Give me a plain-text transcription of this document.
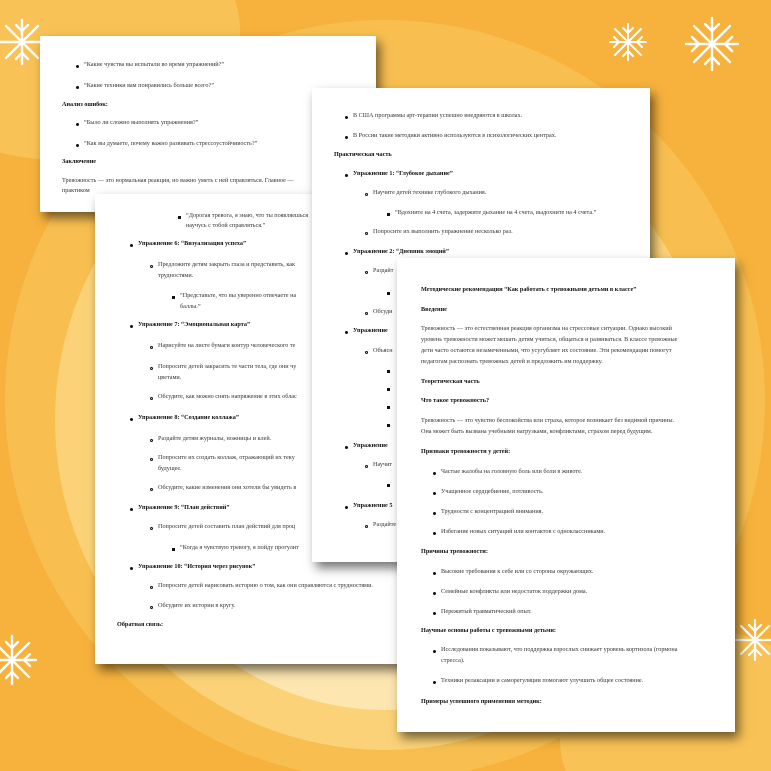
“Какие чувства вы испытали во время упражнений?”
“Какие техники вам понравились больше всего?”
Анализ ошибок:
“Было ли сложно выполнять упражнения?”
“Как вы думаете, почему важно развивать стрессоустойчивость?”
Заключение
Тревожность — это нормальная реакция, но важно уметь с ней справляться. Главное —
практиком
“Дорогая тревога, я знаю, что ты появляешься
научусь с тобой справляться.”
Упражнение 6: “Визуализация успеха”
Предложите детям закрыть глаза и представить, как
трудностями.
“Представьте, что вы уверенно отвечаете на
баллы.”
Упражнение 7: “Эмоциональная карта”
Нарисуйте на листе бумаги контур человеческого те
Попросите детей закрасить те части тела, где они чу
цветами.
Обсудите, как можно снять напряжение в этих облас
Упражнение 8: “Создание коллажа”
Раздайте детям журналы, ножницы и клей.
Попросите их создать коллаж, отражающий их теку
будущее.
Обсудите, какие изменения они хотели бы увидеть в
Упражнение 9: “План действий”
Попросите детей составить план действий для проц
“Когда я чувствую тревогу, я пойду прогулит
Упражнение 10: “История через рисунок”
Попросите детей нарисовать историю о том, как они справляются с трудностями.
Обсудите их истории в кругу.
Обратная связь:
В США программы арт-терапии успешно внедряются в школах.
В России такие методики активно используются в психологических центрах.
Практическая часть
Упражнение 1: “Глубокое дыхание”
Научите детей технике глубокого дыхания.
“Вдохните на 4 счета, задержите дыхание на 4 счета, выдохните на 4 счета.”
Попросите их выполнить упражнение несколько раз.
Упражнение 2: “Дневник эмоций”
Раздайт
Обсуди
Упражнение
Объясн
Упражнение
Научит
Упражнение 5
Раздайте
Методические рекомендации “Как работать с тревожными детьми в классе”
Введение
Тревожность — это естественная реакция организма на стрессовые ситуации. Однако высокий
уровень тревожности может мешать детям учиться, общаться и развиваться. В классе тревожные
дети часто остаются незамеченными, что усугубляет их состояние. Эти рекомендации помогут
педагогам распознать тревожных детей и предложить им поддержку.
Теоретическая часть
Что такое тревожность?
Тревожность — это чувство беспокойства или страха, которое возникает без видимой причины.
Она может быть вызвана учебными нагрузками, конфликтами, страхом перед будущим.
Признаки тревожности у детей:
Частые жалобы на головную боль или боли в животе.
Учащенное сердцебиение, потливость.
Трудности с концентрацией внимания.
Избегание новых ситуаций или контактов с одноклассниками.
Причины тревожности:
Высокие требования к себе или со стороны окружающих.
Семейные конфликты или недостаток поддержки дома.
Пережитый травматический опыт.
Научные основы работы с тревожными детьми:
Исследования показывают, что поддержка взрослых снижает уровень кортизола (гормона
стресса).
Техники релаксации и саморегуляции помогают улучшить общее состояние.
Примеры успешного применения методик:
